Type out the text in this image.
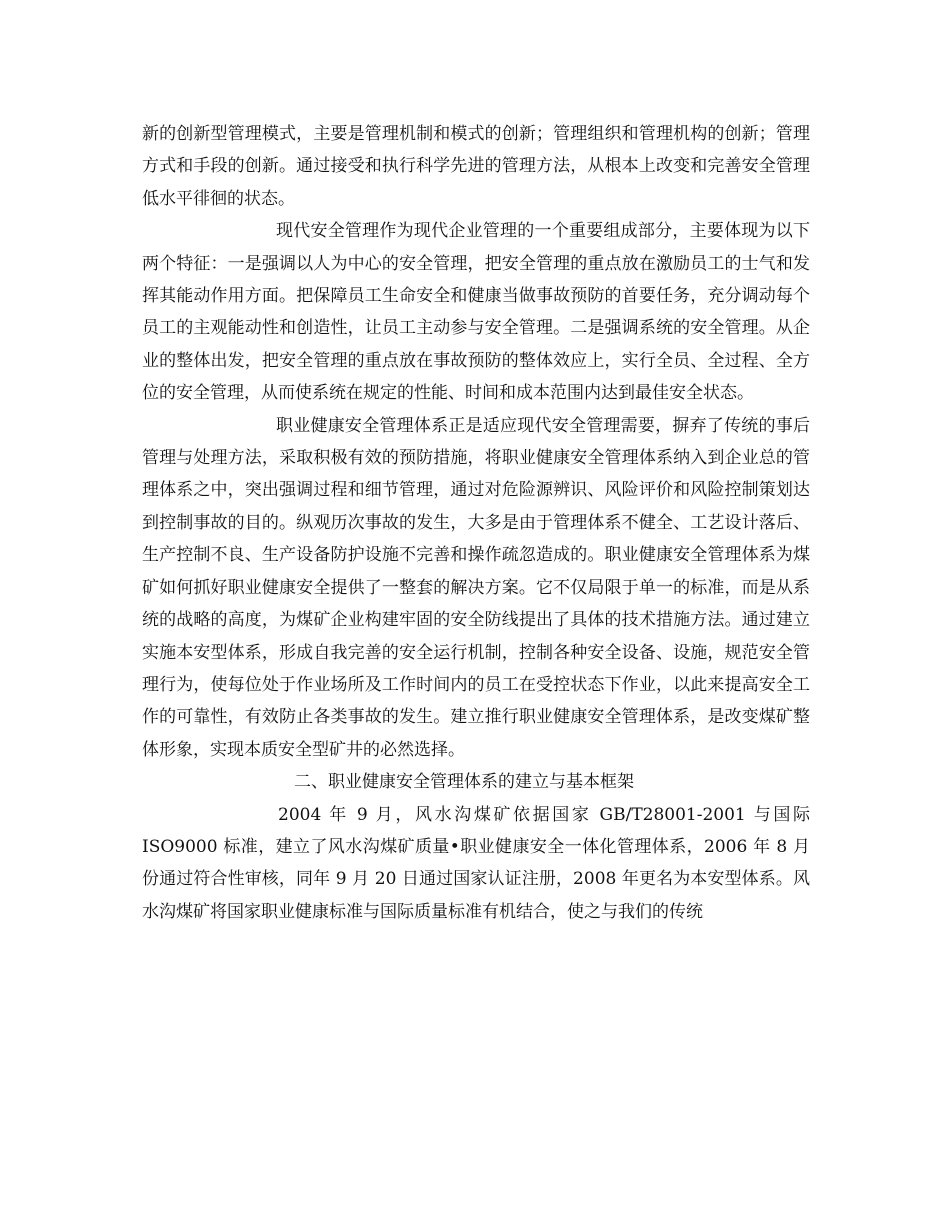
新的创新型管理模式，主要是管理机制和模式的创新；管理组织和管理机构的创新；管理方式和手段的创新。通过接受和执行科学先进的管理方法，从根本上改变和完善安全管理低水平徘徊的状态。

现代安全管理作为现代企业管理的一个重要组成部分，主要体现为以下两个特征：一是强调以人为中心的安全管理，把安全管理的重点放在激励员工的士气和发挥其能动作用方面。把保障员工生命安全和健康当做事故预防的首要任务，充分调动每个员工的主观能动性和创造性，让员工主动参与安全管理。二是强调系统的安全管理。从企业的整体出发，把安全管理的重点放在事故预防的整体效应上，实行全员、全过程、全方位的安全管理，从而使系统在规定的性能、时间和成本范围内达到最佳安全状态。

职业健康安全管理体系正是适应现代安全管理需要，摒弃了传统的事后管理与处理方法，采取积极有效的预防措施，将职业健康安全管理体系纳入到企业总的管理体系之中，突出强调过程和细节管理，通过对危险源辨识、风险评价和风险控制策划达到控制事故的目的。纵观历次事故的发生，大多是由于管理体系不健全、工艺设计落后、生产控制不良、生产设备防护设施不完善和操作疏忽造成的。职业健康安全管理体系为煤矿如何抓好职业健康安全提供了一整套的解决方案。它不仅局限于单一的标准，而是从系统的战略的高度，为煤矿企业构建牢固的安全防线提出了具体的技术措施方法。通过建立实施本安型体系，形成自我完善的安全运行机制，控制各种安全设备、设施，规范安全管理行为，使每位处于作业场所及工作时间内的员工在受控状态下作业，以此来提高安全工作的可靠性，有效防止各类事故的发生。建立推行职业健康安全管理体系，是改变煤矿整体形象，实现本质安全型矿井的必然选择。

二、职业健康安全管理体系的建立与基本框架

2004 年 9 月，风水沟煤矿依据国家 GB/T28001-2001 与国际 ISO9000 标准，建立了风水沟煤矿质量•职业健康安全一体化管理体系，2006 年 8 月份通过符合性审核，同年 9 月 20 日通过国家认证注册，2008 年更名为本安型体系。风水沟煤矿将国家职业健康标准与国际质量标准有机结合，使之与我们的传统
